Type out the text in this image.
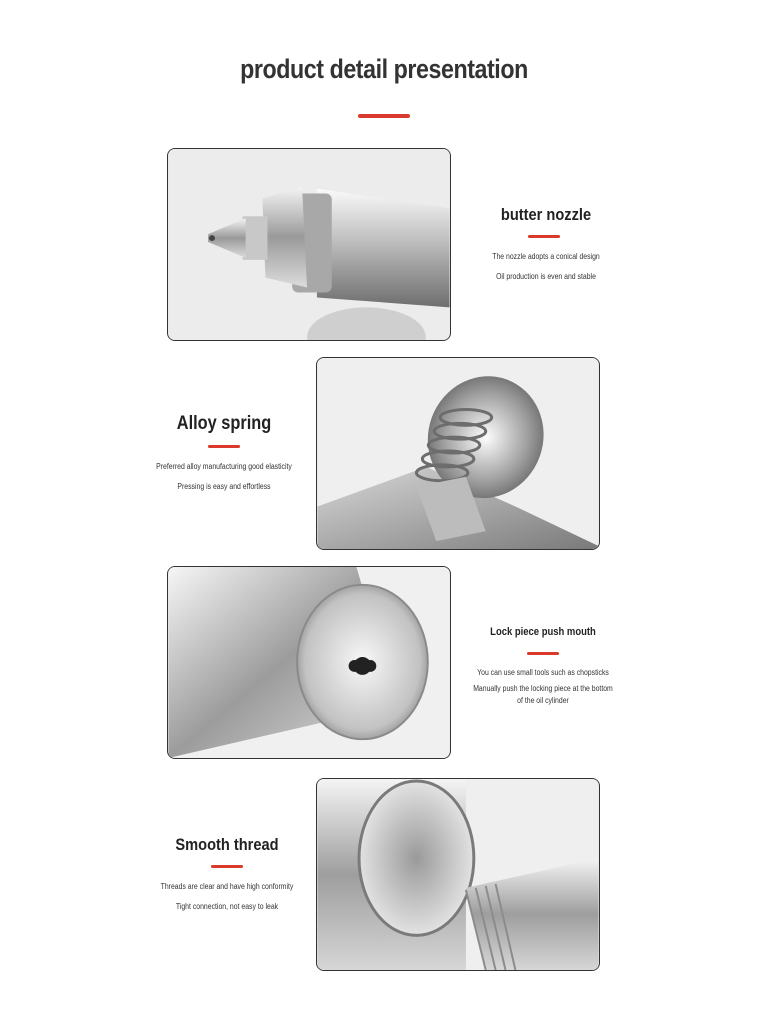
product detail presentation
butter nozzle
The nozzle adopts a conical design
Oil production is even and stable
Alloy spring
Preferred alloy manufacturing good elasticity
Pressing is easy and effortless
Lock piece push mouth
You can use small tools such as chopsticks
Manually push the locking piece at the bottom of the oil cylinder
Smooth thread
Threads are clear and have high conformity
Tight connection, not easy to leak
